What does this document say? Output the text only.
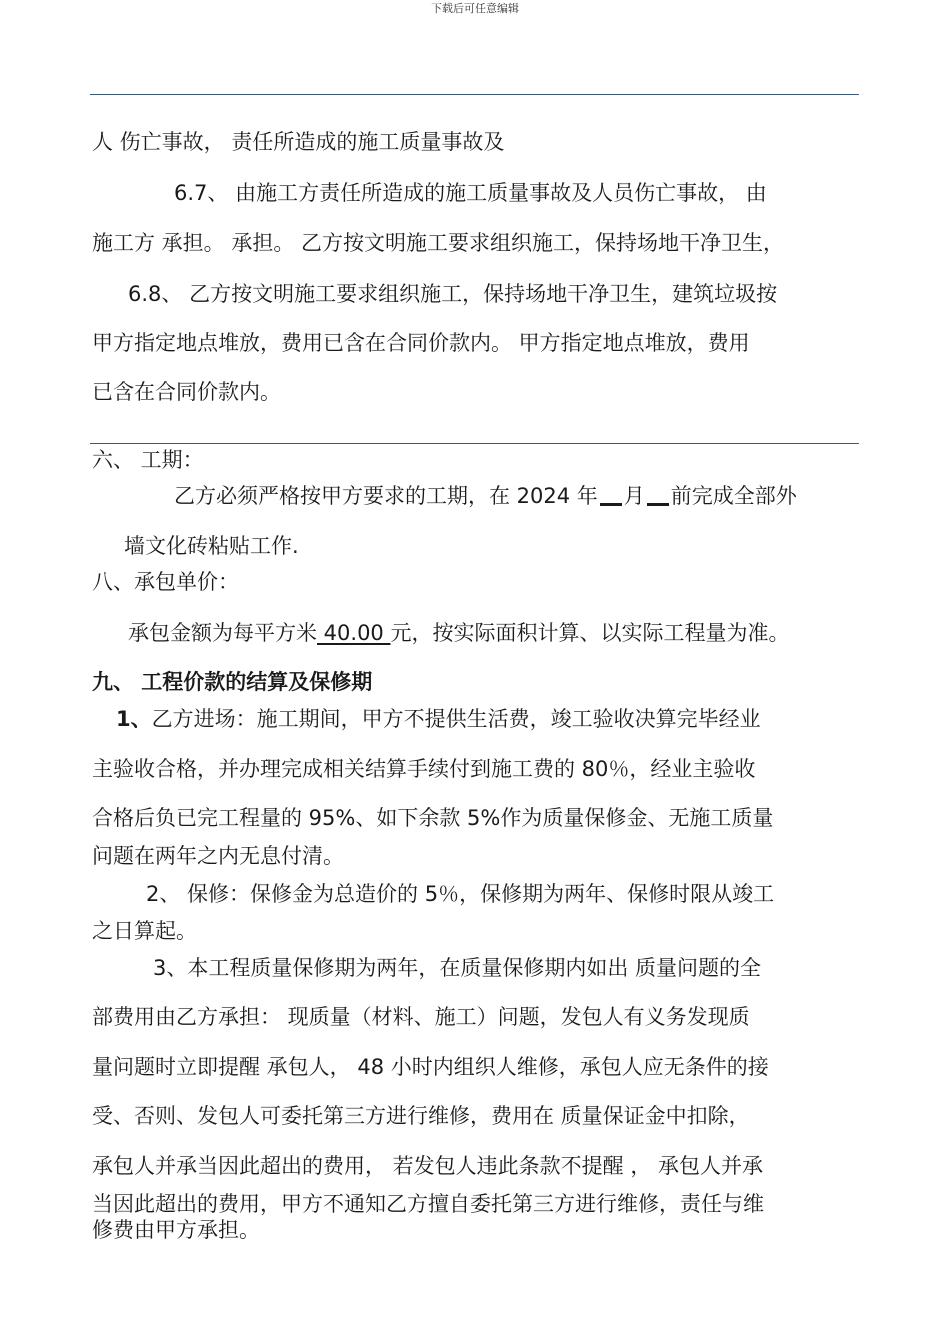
下载后可任意编辑
人 伤亡事故， 责任所造成的施工质量事故及
6.7、 由施工方责任所造成的施工质量事故及人员伤亡事故， 由
施工方 承担。 承担。 乙方按文明施工要求组织施工，保持场地干净卫生，
6.8、 乙方按文明施工要求组织施工，保持场地干净卫生，建筑垃圾按
甲方指定地点堆放，费用已含在合同价款内。 甲方指定地点堆放，费用
已含在合同价款内。
六、 工期：
乙方必须严格按甲方要求的工期，在 2024 年 月 前完成全部外
墙文化砖粘贴工作.
八、承包单价：
承包金额为每平方米 40.00 元，按实际面积计算、以实际工程量为准。
九、 工程价款的结算及保修期
1、乙方进场：施工期间，甲方不提供生活费，竣工验收决算完毕经业
主验收合格，并办理完成相关结算手续付到施工费的 80％，经业主验收
合格后负已完工程量的 95%、如下余款 5%作为质量保修金、无施工质量
问题在两年之内无息付清。
2、 保修：保修金为总造价的 5％，保修期为两年、保修时限从竣工
之日算起。
3、本工程质量保修期为两年，在质量保修期内如出 质量问题的全
部费用由乙方承担： 现质量（材料、施工）问题，发包人有义务发现质
量问题时立即提醒 承包人， 48 小时内组织人维修，承包人应无条件的接
受、否则、发包人可委托第三方进行维修，费用在 质量保证金中扣除，
承包人并承当因此超出的费用， 若发包人违此条款不提醒 ， 承包人并承
当因此超出的费用，甲方不通知乙方擅自委托第三方进行维修，责任与维
修费由甲方承担。
